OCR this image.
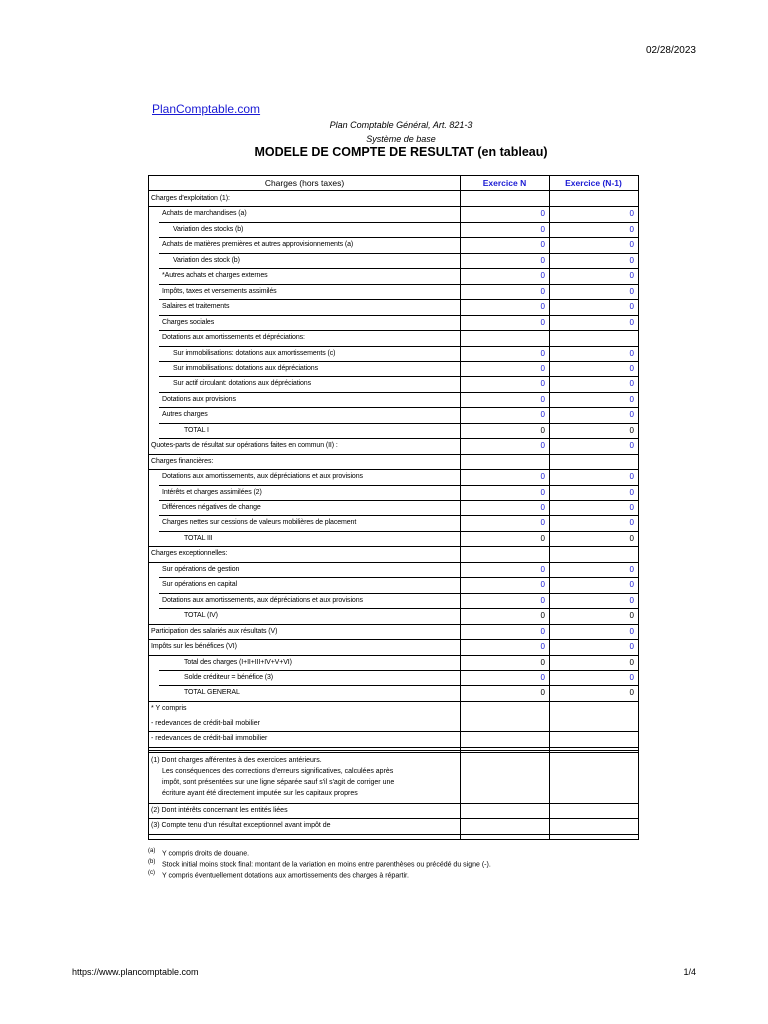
02/28/2023
PlanComptable.com
Plan Comptable Général, Art. 821-3
Système de base
MODELE DE COMPTE DE RESULTAT (en tableau)
Charges (hors taxes)	Exercice N	Exercice (N-1)
Charges d'exploitation (1):
Achats de marchandises (a)	0	0
Variation des stocks (b)	0	0
Achats de matières premières et autres approvisionnements (a)	0	0
Variation des stock (b)	0	0
*Autres achats et charges externes	0	0
Impôts, taxes et versements assimilés	0	0
Salaires et traitements	0	0
Charges sociales	0	0
Dotations aux amortissements et dépréciations:
Sur immobilisations: dotations aux amortissements (c)	0	0
Sur immobilisations: dotations aux dépréciations	0	0
Sur actif circulant: dotations aux dépréciations	0	0
Dotations aux provisions	0	0
Autres charges	0	0
TOTAL I	0	0
Quotes-parts de résultat sur opérations faites en commun (II) :	0	0
Charges financières:
Dotations aux amortissements, aux dépréciations et aux provisions	0	0
Intérêts et charges assimilées (2)	0	0
Différences négatives de change	0	0
Charges nettes sur cessions de valeurs mobilières de placement	0	0
TOTAL III	0	0
Charges exceptionnelles:
Sur opérations de gestion	0	0
Sur opérations en capital	0	0
Dotations aux amortissements, aux dépréciations et aux provisions	0	0
TOTAL (IV)	0	0
Participation des salariés aux résultats (V)	0	0
Impôts sur les bénéfices (VI)	0	0
Total des charges (I+II+III+IV+V+VI)	0	0
Solde créditeur = bénéfice (3)	0	0
TOTAL GENERAL	0	0
* Y compris
- redevances de crédit-bail mobilier
- redevances de crédit-bail immobilier
(1) Dont charges afférentes à des exercices antérieurs.
Les conséquences des corrections d'erreurs significatives, calculées après
impôt, sont présentées sur une ligne séparée sauf s'il s'agit de corriger une
écriture ayant été directement imputée sur les capitaux propres
(2) Dont intérêts concernant les entités liées
(3) Compte tenu d'un résultat exceptionnel avant impôt de
(a) Y compris droits de douane.
(b) Stock initial moins stock final: montant de la variation en moins entre parenthèses ou précédé du signe (-).
(c) Y compris éventuellement dotations aux amortissements des charges à répartir.
https://www.plancomptable.com	1/4
